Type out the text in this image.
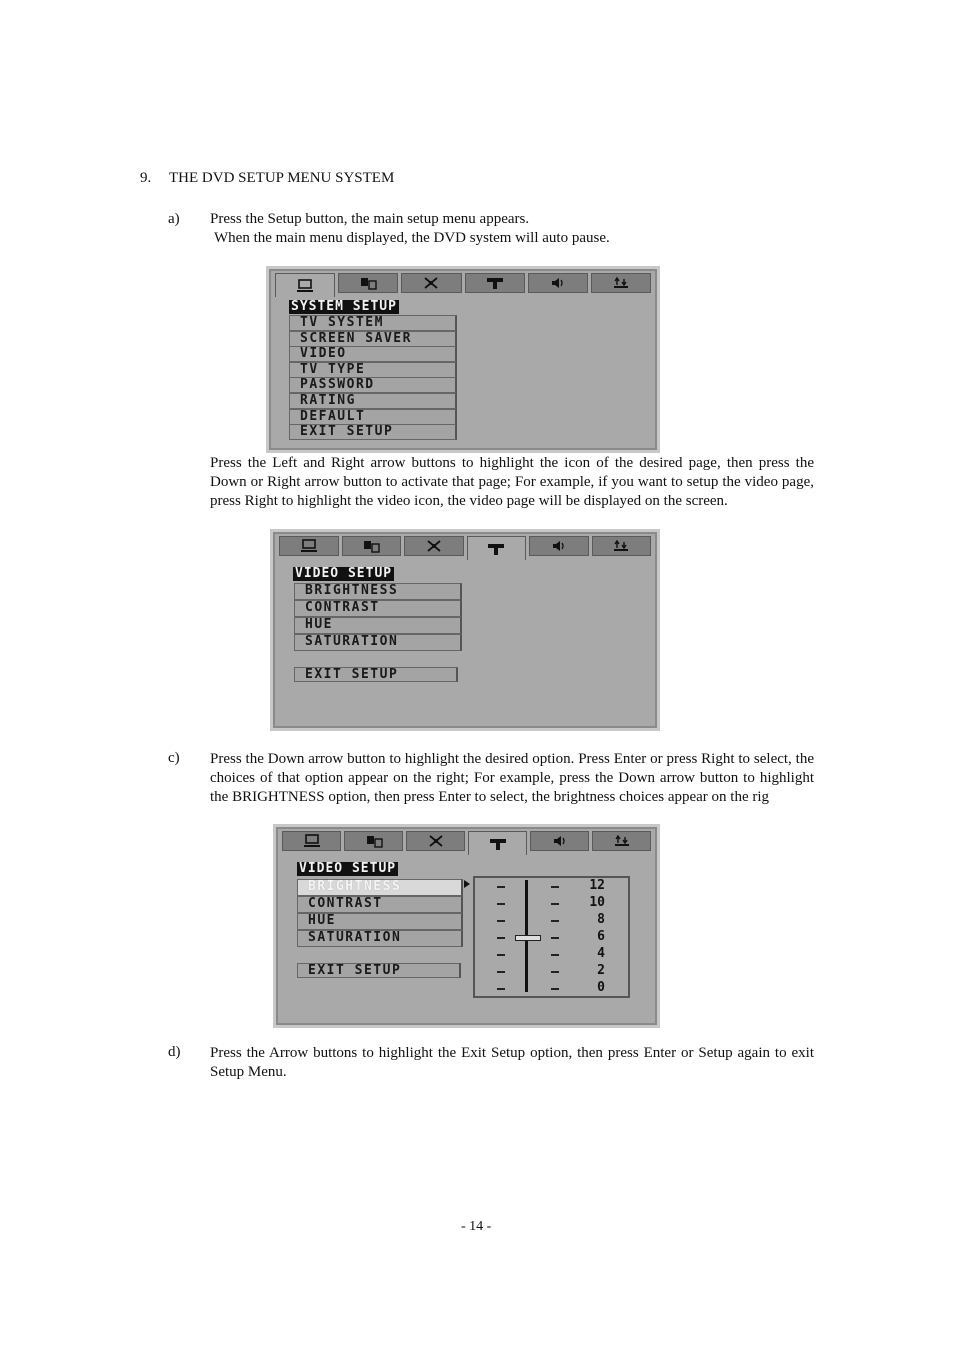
9. THE DVD SETUP MENU SYSTEM
a) Press the Setup button, the main setup menu appears.
When the main menu displayed, the DVD system will auto pause.
SYSTEM SETUP
TV SYSTEM
SCREEN SAVER
VIDEO
TV TYPE
PASSWORD
RATING
DEFAULT
EXIT SETUP
Press the Left and Right arrow buttons to highlight the icon of the desired page, then press the Down or Right arrow button to activate that page; For example, if you want to setup the video page, press Right to highlight the video icon, the video page will be displayed on the screen.
VIDEO SETUP
BRIGHTNESS
CONTRAST
HUE
SATURATION
EXIT SETUP
c) Press the Down arrow button to highlight the desired option. Press Enter or press Right to select, the choices of that option appear on the right; For example, press the Down arrow button to highlight the BRIGHTNESS option, then press Enter to select, the brightness choices appear on the rig
VIDEO SETUP
BRIGHTNESS
CONTRAST
HUE
SATURATION
EXIT SETUP
12
10
8
6
4
2
0
d) Press the Arrow buttons to highlight the Exit Setup option, then press Enter or Setup again to exit Setup Menu.
- 14 -
